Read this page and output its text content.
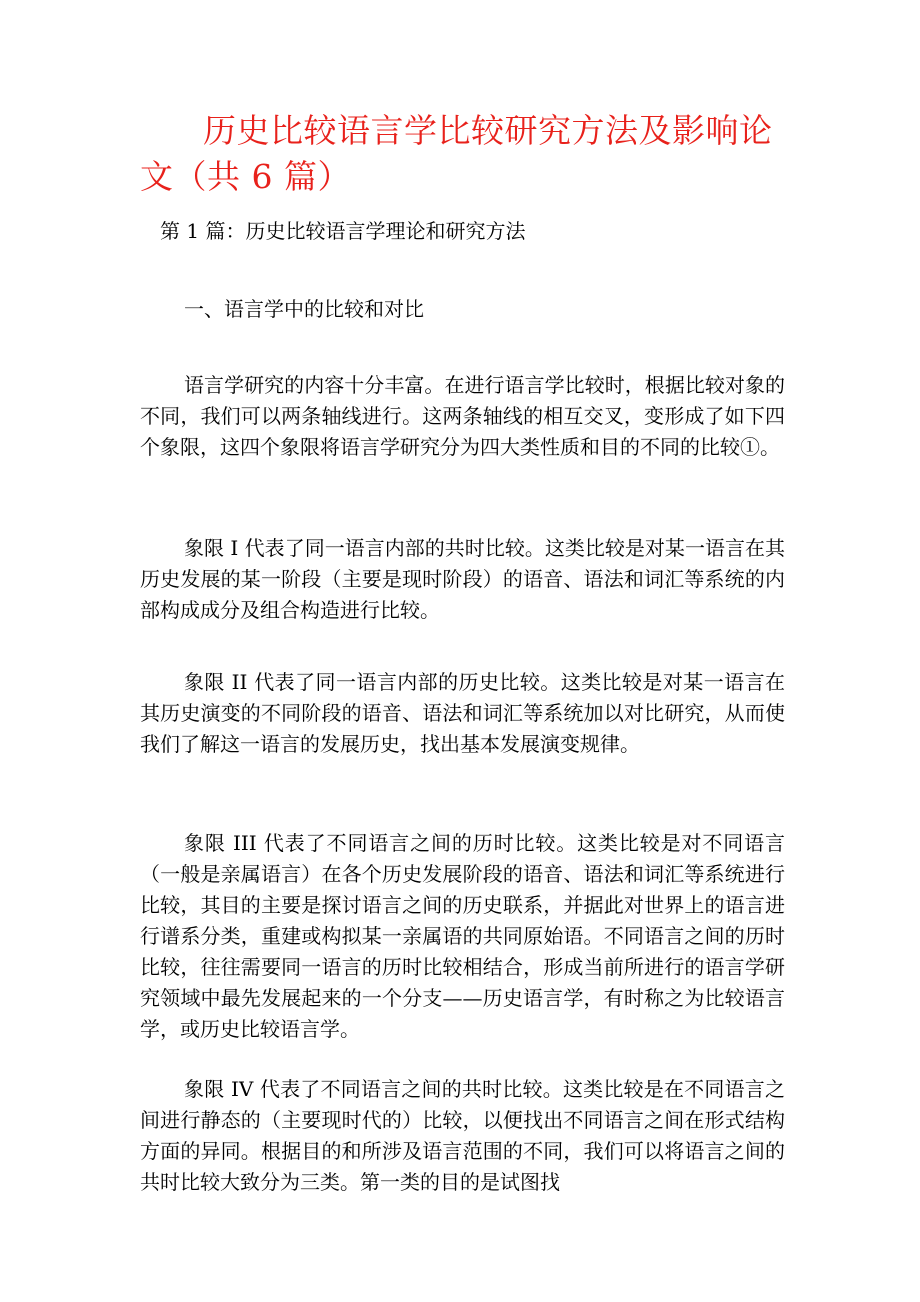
历史比较语言学比较研究方法及影响论文（共 6 篇）
第 1 篇：历史比较语言学理论和研究方法
一、语言学中的比较和对比

语言学研究的内容十分丰富。在进行语言学比较时，根据比较对象的不同，我们可以两条轴线进行。这两条轴线的相互交叉，变形成了如下四个象限，这四个象限将语言学研究分为四大类性质和目的不同的比较①。

象限 I 代表了同一语言内部的共时比较。这类比较是对某一语言在其历史发展的某一阶段（主要是现时阶段）的语音、语法和词汇等系统的内部构成成分及组合构造进行比较。

象限 II 代表了同一语言内部的历史比较。这类比较是对某一语言在其历史演变的不同阶段的语音、语法和词汇等系统加以对比研究，从而使我们了解这一语言的发展历史，找出基本发展演变规律。

象限 III 代表了不同语言之间的历时比较。这类比较是对不同语言（一般是亲属语言）在各个历史发展阶段的语音、语法和词汇等系统进行比较，其目的主要是探讨语言之间的历史联系，并据此对世界上的语言进行谱系分类，重建或构拟某一亲属语的共同原始语。不同语言之间的历时比较，往往需要同一语言的历时比较相结合，形成当前所进行的语言学研究领域中最先发展起来的一个分支——历史语言学，有时称之为比较语言学，或历史比较语言学。

象限 IV 代表了不同语言之间的共时比较。这类比较是在不同语言之间进行静态的（主要现时代的）比较，以便找出不同语言之间在形式结构方面的异同。根据目的和所涉及语言范围的不同，我们可以将语言之间的共时比较大致分为三类。第一类的目的是试图找
